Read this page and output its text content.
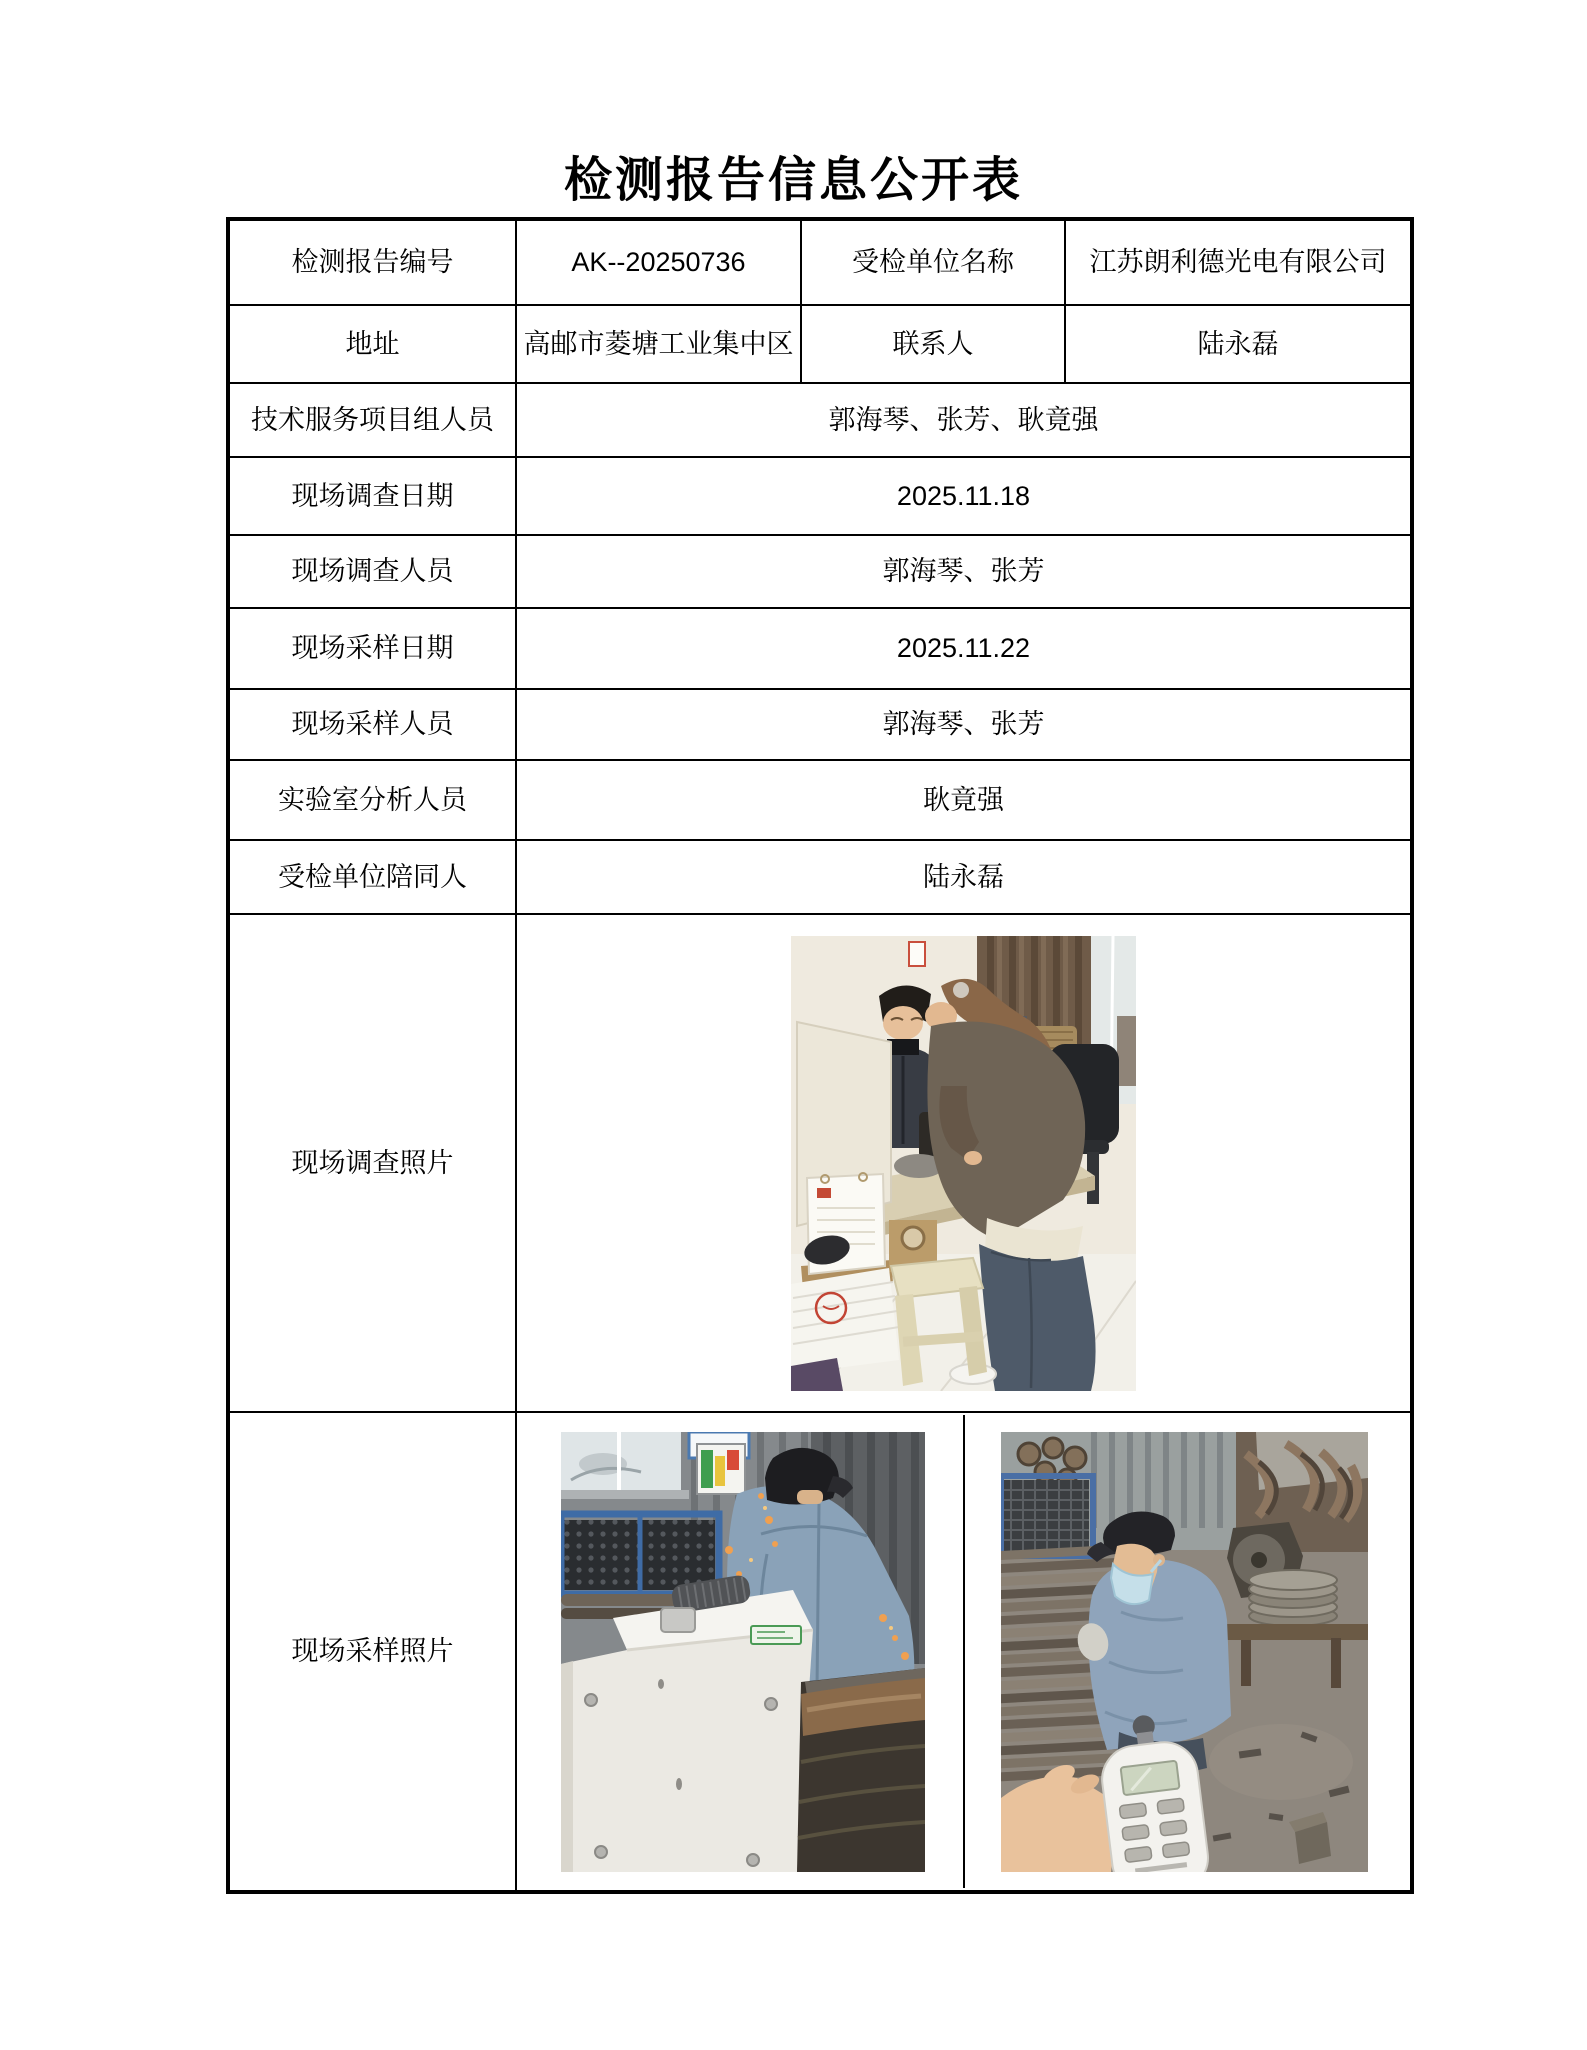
检测报告信息公开表
检测报告编号	AK--20250736	受检单位名称	江苏朗利德光电有限公司
地址	高邮市菱塘工业集中区	联系人	陆永磊
技术服务项目组人员	郭海琴、张芳、耿竟强		
现场调查日期	2025.11.18		
现场调查人员	郭海琴、张芳		
现场采样日期	2025.11.22		
现场采样人员	郭海琴、张芳		
实验室分析人员	耿竟强		
受检单位陪同人	陆永磊		
现场调查照片	

现场采样照片	
